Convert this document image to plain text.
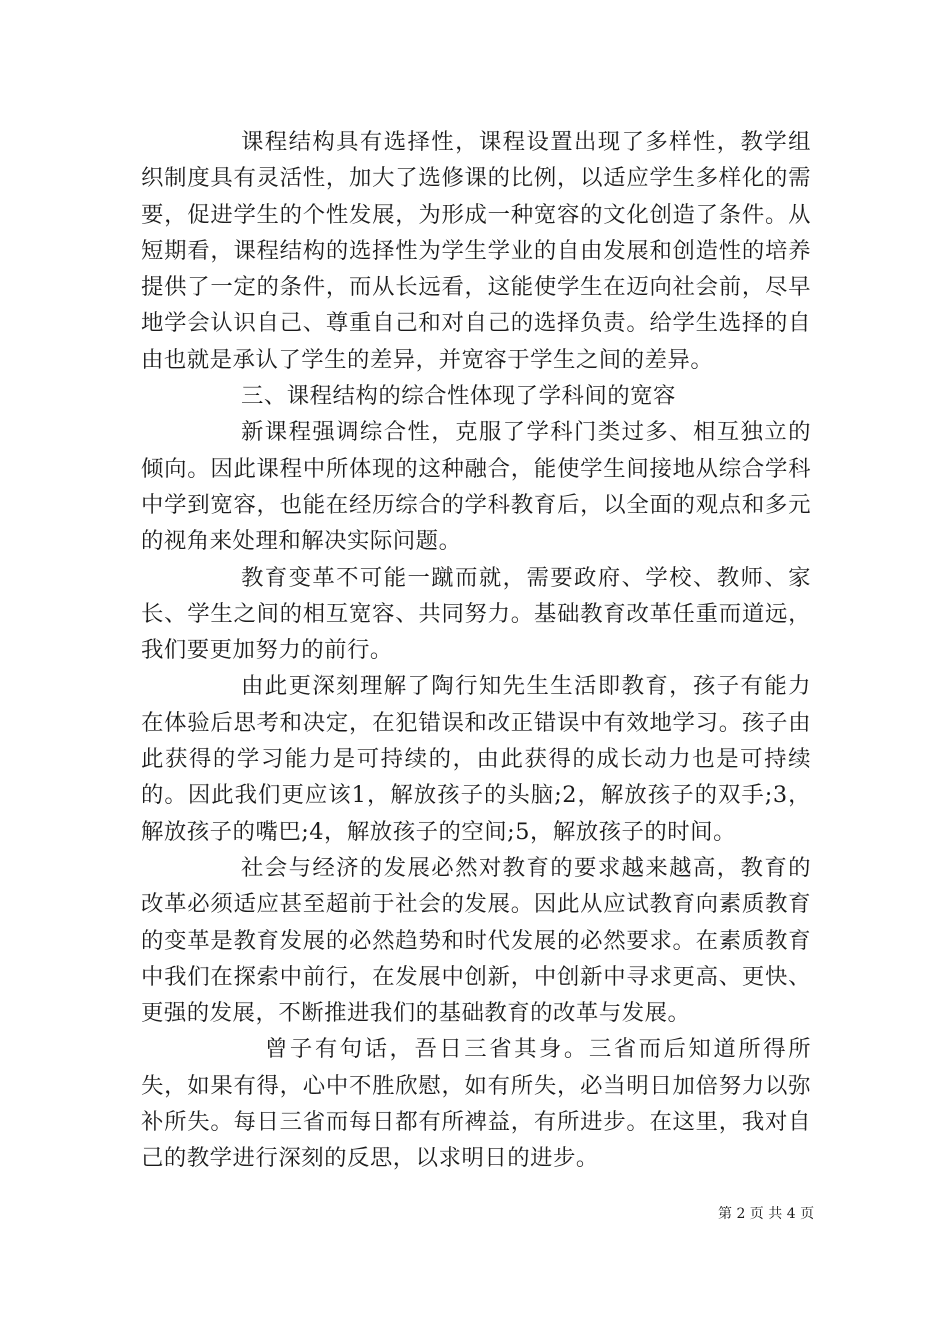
课程结构具有选择性，课程设置出现了多样性，教学组织制度具有灵活性，加大了选修课的比例，以适应学生多样化的需要，促进学生的个性发展，为形成一种宽容的文化创造了条件。从短期看，课程结构的选择性为学生学业的自由发展和创造性的培养提供了一定的条件，而从长远看，这能使学生在迈向社会前，尽早地学会认识自己、尊重自己和对自己的选择负责。给学生选择的自由也就是承认了学生的差异，并宽容于学生之间的差异。

三、课程结构的综合性体现了学科间的宽容

新课程强调综合性，克服了学科门类过多、相互独立的倾向。因此课程中所体现的这种融合，能使学生间接地从综合学科中学到宽容，也能在经历综合的学科教育后，以全面的观点和多元的视角来处理和解决实际问题。

教育变革不可能一蹴而就，需要政府、学校、教师、家长、学生之间的相互宽容、共同努力。基础教育改革任重而道远，我们要更加努力的前行。

由此更深刻理解了陶行知先生生活即教育，孩子有能力在体验后思考和决定，在犯错误和改正错误中有效地学习。孩子由此获得的学习能力是可持续的，由此获得的成长动力也是可持续的。因此我们更应该1，解放孩子的头脑;2，解放孩子的双手;3，解放孩子的嘴巴;4，解放孩子的空间;5，解放孩子的时间。

社会与经济的发展必然对教育的要求越来越高，教育的改革必须适应甚至超前于社会的发展。因此从应试教育向素质教育的变革是教育发展的必然趋势和时代发展的必然要求。在素质教育中我们在探索中前行，在发展中创新，中创新中寻求更高、更快、更强的发展，不断推进我们的基础教育的改革与发展。

曾子有句话，吾日三省其身。三省而后知道所得所失，如果有得，心中不胜欣慰，如有所失，必当明日加倍努力以弥补所失。每日三省而每日都有所裨益，有所进步。在这里，我对自己的教学进行深刻的反思，以求明日的进步。

第 2 页 共 4 页
